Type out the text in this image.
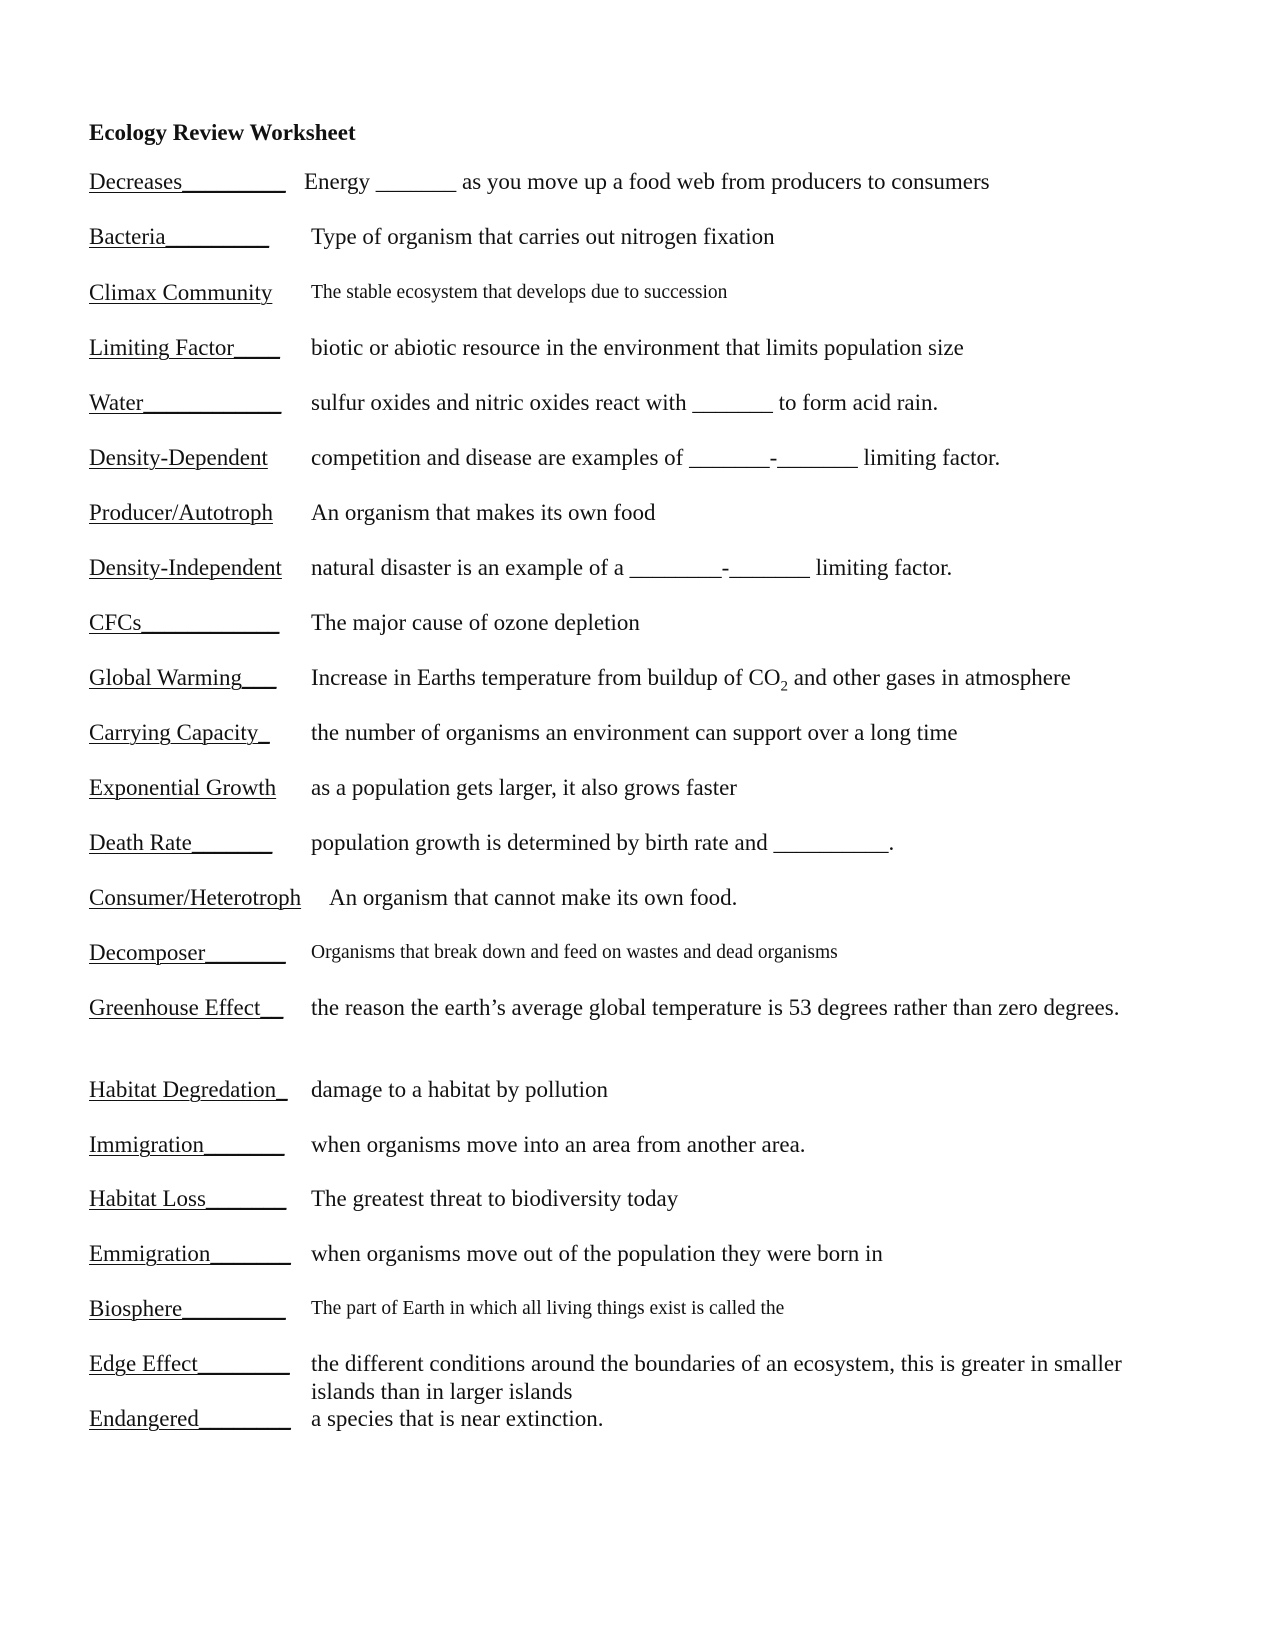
Ecology Review Worksheet
Decreases_________ Energy _______ as you move up a food web from producers to consumers
Bacteria_________ Type of organism that carries out nitrogen fixation
Climax Community The stable ecosystem that develops due to succession
Limiting Factor____ biotic or abiotic resource in the environment that limits population size
Water____________ sulfur oxides and nitric oxides react with _______ to form acid rain.
Density-Dependent competition and disease are examples of _______-_______ limiting factor.
Producer/Autotroph An organism that makes its own food
Density-Independent natural disaster is an example of a ________-_______ limiting factor.
CFCs____________ The major cause of ozone depletion
Global Warming___ Increase in Earths temperature from buildup of $CO_2$ and other gases in atmosphere
Carrying Capacity_ the number of organisms an environment can support over a long time
Exponential Growth as a population gets larger, it also grows faster
Death Rate_______ population growth is determined by birth rate and __________.
Consumer/Heterotroph An organism that cannot make its own food.
Decomposer_______ Organisms that break down and feed on wastes and dead organisms
Greenhouse Effect__ the reason the earth’s average global temperature is 53 degrees rather than zero degrees.
Habitat Degredation_ damage to a habitat by pollution
Immigration_______ when organisms move into an area from another area.
Habitat Loss_______ The greatest threat to biodiversity today
Emmigration_______ when organisms move out of the population they were born in
Biosphere_________ The part of Earth in which all living things exist is called the
Edge Effect________ the different conditions around the boundaries of an ecosystem, this is greater in smaller islands than in larger islands
Endangered________ a species that is near extinction.
